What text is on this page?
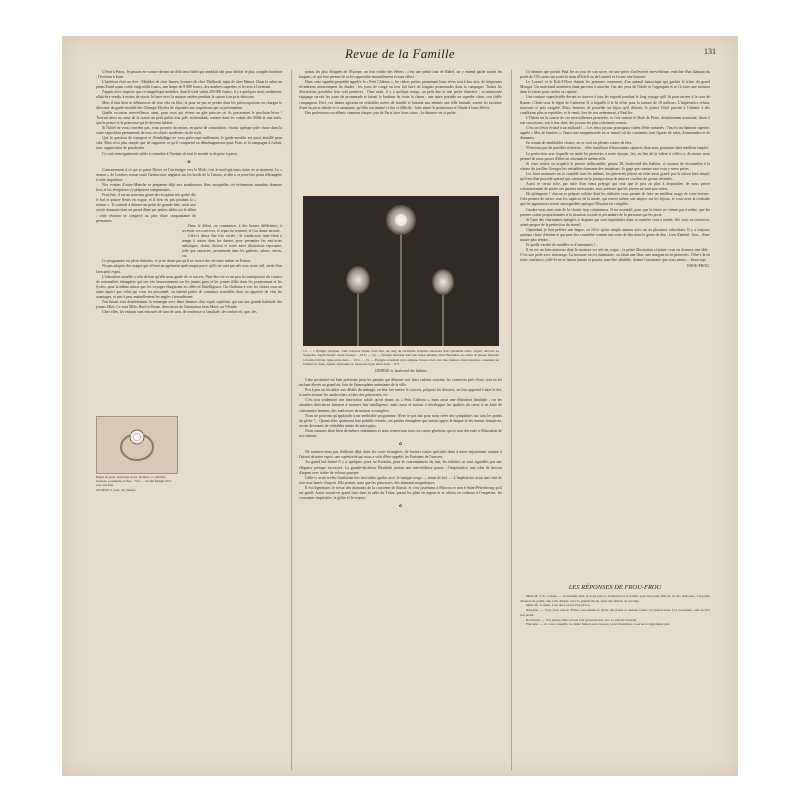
Revue de la Famille	131

C'était à Passy. Je passais en voiture devant un délicieux hôtel qui semblait fait pour abriter le plus complet bonheur ; l'écriteau à louer.

L'intérieur était un rêve : Meubles de chez Jansen, bronzes de chez Thiébault, tapis de chez Hamot. Dans le salon un piano Erard ayant coûté vingt mille francs, une harpe de 8 000 francs, des marbres superbes et le reste à l'avenant.

J'appris avec surprise que ce magnifique mobilier, dont le total valait 250 000 francs, il y a quelques mois seulement, allait être vendu, à moins de savoir le louer avec la maison entière pendant la saison à un prix dérisoire.

Mais il faut bien se débarrasser de tout cela en bloc, et pour ne pas se perdre dans les préoccupations on chargea le directeur du garde-meuble des Champs-Elysées de répondre aux acquéreurs qui se présentaient.

Quelle occasion merveilleuse, ainsi, pour ceux qui rêvent un gîte princier où ils passeraient le prochain hiver ! Trouver ainsi au cœur de la saison un petit palais tout prêt, m'attendant, comme dans les contes des Mille et une nuits, que le prince et la princesse qui le devront habiter.

Si l'hôtel ne vous convient pas, vous pourrez du moins, en guise de consolation, choisir quelque jolie chose dans la vaste exposition permanente de tous ces objets modernes ou de style.

Que la question de transport et d'emballage ne vous préoccupe nullement, le garde-meuble est aussi installé pour cela. Rien n'est plus simple que de rapporter ce qu'il comprend en déménagements pour Paris et la campagne à forfait, avec suppression de pourboires.

Ce sont renseignements utiles à connaître à l'instant où tout le monde se dispose à partir.

✿

Contrairement à ce qui se passe l'hiver où l'on émigre vers le Midi, c'est le nord qui nous attire en ce moment. La « season » de Londres remue toute l'aristocratie anglaise sur les bords de la Tamise, et elle a ce peut-être point d'étrangère à cette impulsion.

Nos voisins d'outre-Manche se préparent déjà aux nombreuses fêtes auxquelles cet événement mondain donnera lieu, et les réceptions s'y préparent somptueuses.

Peut-être, il est un nouveau genre de réception très goûté dès le bal et quinze fleurs en vogue, et il n'en est pas pendant la « season ». Il consiste à donner un point de grande bals, mais une soirée dansante dont on prend dîner par petites tables est le début ; cette réunion se compose au plus d'une cinquantaine de personnes.

Dans le début, on commence, à des heures différentes, à recevoir ces convives, le repas est terminé, et l'on danse ensuite.

Cela-ci devra être très variée ; le conducteur inter-vient à temps à autres dans les danses pour permettre les entr'actes artistiques, chant, diction et toute autre distraction reposante, telle que causeries, promenade dans les galeries, salons, serres, etc.

Ce programme est plein d'attraits, et je ne doute pas qu'il ne trouve des fervents même en France.

Ne pas adopter des usages qui offrent un agrément quelconque parce qu'ils ne sont pas nés sous notre ciel, serait d'un bien petit esprit.

L'éducation actuelle a cela de bon qu'elle nous garde de ce travers. Peut-être est-ce un peu la conséquence du contact de nationalités étrangères qui ont très heureusement sur les jeunes gens et les jeunes filles dans les pensionnats et les lycées, pour la même raison que les voyages élargissent les idées et l'intelligence. On s'habitue à voir les choses sous un autre aspect que celui qui vous est personnel, on entend parler de coutumes nouvelles dont on apprécie de visu les avantages, et peu à peu, mutuellement les angles s'arrondissent.

J'en faisais tout dernièrement la remarque avec deux femmes d'un esprit supérieur qui ont une grande habitude des jeunes filles. Ce sont Miles Bord et Bonte, directrices de l'institution Jean Macé, au Vésinet.

Chez elles, les enfants sont entourés de tant de soin, de tendresse si familiale, de confort tel, que, des

Bague en perle, entourage strass, monture or, véritable, nouveau, jouailleries riches... 70 fr. — Se fait Épingle 50 fr. avec tête fine.
GEORGE et, boul. des Italiens.

points les plus éloignés de l'Europe, on leur confie des élèves ; c'est une petite tour de Babel, on y entend parler toutes les langues, ce qui leur permet de se les apprendre mutuellement et sans effort.

Dans cette superbe propriété appelée le « Petit Château », les chères petites promenant leurs rêves tout à leur aise, de fréquentes récréations interrompent les études ; les jours de congé on leur fait faire de longues promenades dans la campagne. Toutes les distractions possibles leur sont permises : l'âne avait, il y a quelque temps, un petit âne et une petite charrette ; sa minuscule équipage servait les jours de promenade et faisait le bonheur de toute la classe ; une autre possède un superbe chien, son fidèle compagnon. Bref, ces dames agissent en véritables mères de famille et laissent aux enfants une telle latitude, savent les instruire d'une façon si adroite et si amusante, qu'elles ont amené ce but si difficile : faire aimer le pensionnat et l'étude à leurs élèves.

Des professeurs excellents viennent chaque jour de Paris faire leurs cours ; la distance est si petite.

13. — « Épingle chapeau, crête renversé brisée fond mat, un rang de véritables brillants entourant d'un splendide rubis, argent, décorée en turquoise, argent massif, dorée étrange ... 18 fr. — 14. — Épingle fantaisie dont une fouise émaillé, brute Bassidon, au centre de plaque fleurette à double brillant, ligne entre deux ... 10 fr. — 15. — Épingle ornement style antique, bronze doré avec des chaînes cristal-lisations, ornement de brillant en chute, saphir, émeraude ou turquoise ligne entre deux ... 8 fr.
GEORGE et, boulevard des Italiens.

Cette proximité est bien précieuse pour les parents qui désirent voir leurs enfants souvent, les conserver près d'eux, tout en les sachant élevés au grand air, loin de l'atmosphère anémiante de la ville.

Peu à peu on les initie aux détails du ménage, on leur fait mettre le couvert, préparer les desserts, on leur apprend à faire le thé, à confectionner les sandwiches, à faire des pâtisseries, etc.

C'est non seulement une instruction solide qu'on donne au « Petit Château », mais aussi une éducation familiale ; car les aimables directrices tiennent à montrer leur intelligence, mais aussi et surtout à développer les qualités du cœur, à en faire de charmantes femmes, des maîtresses de maison accomplies.

Nous ne pouvons qu'applaudir à un semblable programme. N'est-ce pas fait pour nous créer des sympathies sur tous les points du globe ?... Quand elles quitteront leur paisible retraite, ces petites étrangères qui auront appris la langue et les mœurs françaises, seront devenues de véritables amies de notre pays.

Nous sommes donc bien de mêmes sentiments et nous remercions tous ces cœurs généreux qui se sont dévoués à l'éducation de nos enfants.

✿

Ne sommes-nous pas d'ailleurs déjà, dans les cours étrangères, de faveurs toutes spéciales dues à notre enjouement comme à l'attrait de notre esprit, une supériorité qui nous a valu d'être appelés les Parisiens de l'univers.

Au grand bal donné il y a quelques jours au Kremlin, pour le couronnement du tsar, les toilettes se sont signalées par une élégance presque excessive. La grande-duchesse Élisabeth portait une merveilleuse parure ; l'impératrice, une robe de brocart d'argent avec traîne de velours pourpre.

Celle-ci avait revêtu l'uniforme des chevaliers-gardes avec le tunique rouge — tenue de bal. — L'impératrice avait une robe de soie rose lamée d'argent. Elle portait, ainsi que les princesses, des diamants magnifiques.

Il est légendaire, le trésor des diamants de la couronne de Russie, et c'est justement à Moscou et non à Saint-Pétersbourg qu'il est gardé. Aussi voyait-on grand luxe dans la salle du Trône, parmi les plats en argent et or offerts en cadeaux à l'empereur, les couronnes impériales, le globe et le sceptre.

✿

Ce dernier que portait Paul Ier au jour de son sacre, est une pièce d'orfèvrerie merveilleuse, enrichie d'un diamant du poids de 195 carats qui porte le nom d'Orloff ou de Lazaref et à toute une histoire.

Le Lazaref et le Koh-I-Noor étaient les premiers ornements d'un animal fantastique qui gardait le trône du grand Mongol. Un marchand arménien étant parvenu à arracher l'un des yeux de l'idole se l'appropria et se fit faire une incision dans la cuisse pour cacher sa capture.

Une couture superficielle devant se trouver à tous les regards pendant le long voyage qu'il fit pour arriver à la cour de Russie. C'était sous le règne de Catherine II, à laquelle il le fit offrir pour la somme de 18 millions. L'impératrice refusa, trouvant ce prix exagéré. Mais, heureux de posséder un bijou qu'il désirait, le prince Orlof parvint à l'obtenir à des conditions plus acceptables, et le remit, lors de son avènement, à Paul Ier.

L'Orient est la source de ces merveilleuses pierreries, et c'est surtout le Shah de Perse, dernièrement assassiné, laisse à son successeur, soit à leur chef, des joyaux les plus richement connus.

C'est un trésor évalué à un milliard ! ... Les deux joyaux principaux valent d'être nommés : l'un est un diamant superbe, appelé « Mer de lumière », l'autre une mappemonde en or massif où les continents sont figurés de rubis, d'émeraudes et de diamants.

En tenant de semblables choses, on se croit en pleines contes de fées.

N'envions pas de pareilles richesses... elles inutilisent d'incessantes captures dont nous pourrions faire meilleur emploi.

La perfection avec laquelle on imite les pierreries à notre époque, fait, au lieu de la valeur à celles-ci, du moins nous permet de nous passer d'elles en obtenant le même effet.

Si vous voulez en acquérir la preuve indiscutable, passez 28, boulevard des Italiens, et assurez de reconnaître à la vitrine du joaillier Georges les véritables diamants des imitations. Je gage que comme moi vous y serez prises.

Les fines montures en or contrôlé sont les mêmes, les pierreries jettent un éclat aussi grand, par la raison bien simple qu'il est d'un procédé spécial qui consiste en la juxtaposition de minces couches de grenat véritable.

Aussi ce serait folie, par suite d'un vieux préjugé qui veut que le prix au plus à disparaître, de nous priver volontairement de porter ces parures ravissantes, sous prétexte que les pierres ne sont pas vraies.

Eh qu'importe ! chacun se prépare toilette dont les réalisées vous permet de faire un meilleur usage de votre fortune. Cela permet de suivre tous les caprices de la mode, qui exerce même son empire sur les bijoux, et vous avez la certitude que les apparences seront sauvegardées puisque l'illusion est complète.

Gardez-vous avec soin de la choisir trop volumineux. Il est essentiel, pour que la feinte ne vienne pas à naître, que les parures soient proportionnées à la situation sociale et pécuniaire de la personne qui les porte.

Si l'une des charmantes épingles à chapeau qui sont reproduites dans ce numéro vous a tentée, elle vous en trouverez, avant-propos de la perfection du travail.

Cependant je leur préfère une bague, ou fil-or qu'on simple anneau avec un ou plusieurs cabochons. Il y a toujours quelque chose d'intime et qui peut être considéré comme une sorte de lien dans le genre de don : Lien d'amitié ; lien... d'une nature plus tendre...

Et quelle variété de modèles et d'ornements !...

Il en est un bien nouveau dont la monture est très en vogue ; la petite illustration ci-jointe vous en donnera une idée : C'est une perle avec entourage. La monture en est charmante, on dirait une fleur, une marguerite en pierreries. Offre-t-la en toute confiance, celle-là ne se fanera jamais et pourra, sans être affaiblie, donner l'assurance que vous aimez.... beaucoup.

FROU-FROU.

LES RÉPONSES DE FROU-FROU

Mme M. et Y., Grasse. — Conseillez-moi, je vous prie, la formation et la toilette pour ma jeune fille de 12 ans. Réponse : Un jeune chapeau de paille, une robe simple, avec la grande mode, pour une fillette de son âge.

Mme Th. Lorient, à un des Louvre Frou-Frou.

Réponse. — Vous avez raison. Faites vous-même le choix des tissus et donnez toutes vos instructions à la couturière, elle en fera son profit.

Ravissant. — Vos jeunes filles auront leur grand plaisir avec la toilette blanche.

Fauvette. — Je vous conseille la crème Simon pour la peau, pour l'entretien, vous ne le regretterez pas.
